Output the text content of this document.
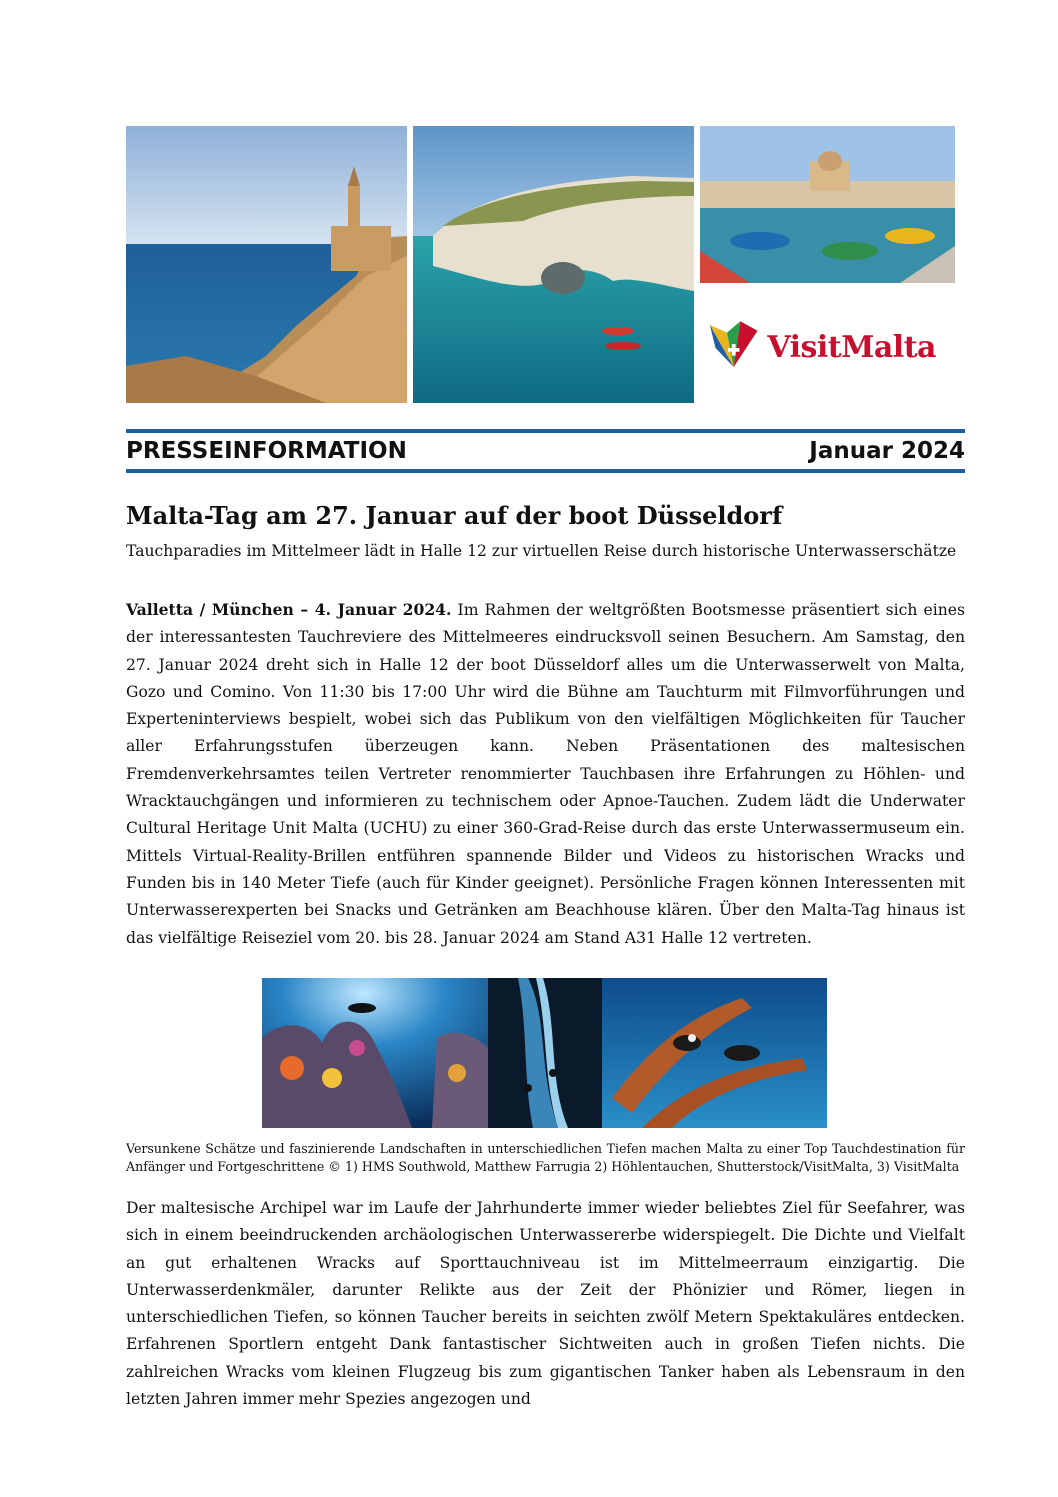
VisitMalta
PRESSEINFORMATION	Januar 2024
Malta-Tag am 27. Januar auf der boot Düsseldorf
Tauchparadies im Mittelmeer lädt in Halle 12 zur virtuellen Reise durch historische Unterwasserschätze

Valletta / München – 4. Januar 2024. Im Rahmen der weltgrößten Bootsmesse präsentiert sich eines der interessantesten Tauchreviere des Mittelmeeres eindrucksvoll seinen Besuchern. Am Samstag, den 27. Januar 2024 dreht sich in Halle 12 der boot Düsseldorf alles um die Unterwasserwelt von Malta, Gozo und Comino. Von 11:30 bis 17:00 Uhr wird die Bühne am Tauchturm mit Filmvorführungen und Experteninterviews bespielt, wobei sich das Publikum von den vielfältigen Möglichkeiten für Taucher aller Erfahrungsstufen überzeugen kann. Neben Präsentationen des maltesischen Fremdenverkehrsamtes teilen Vertreter renommierter Tauchbasen ihre Erfahrungen zu Höhlen- und Wracktauchgängen und informieren zu technischem oder Apnoe-Tauchen. Zudem lädt die Underwater Cultural Heritage Unit Malta (UCHU) zu einer 360-Grad-Reise durch das erste Unterwassermuseum ein. Mittels Virtual-Reality-Brillen entführen spannende Bilder und Videos zu historischen Wracks und Funden bis in 140 Meter Tiefe (auch für Kinder geeignet). Persönliche Fragen können Interessenten mit Unterwasserexperten bei Snacks und Getränken am Beachhouse klären. Über den Malta-Tag hinaus ist das vielfältige Reiseziel vom 20. bis 28. Januar 2024 am Stand A31 Halle 12 vertreten.

Versunkene Schätze und faszinierende Landschaften in unterschiedlichen Tiefen machen Malta zu einer Top Tauchdestination für Anfänger und Fortgeschrittene © 1) HMS Southwold, Matthew Farrugia 2) Höhlentauchen, Shutterstock/VisitMalta, 3) VisitMalta

Der maltesische Archipel war im Laufe der Jahrhunderte immer wieder beliebtes Ziel für Seefahrer, was sich in einem beeindruckenden archäologischen Unterwassererbe widerspiegelt. Die Dichte und Vielfalt an gut erhaltenen Wracks auf Sporttauchniveau ist im Mittelmeerraum einzigartig. Die Unterwasserdenkmäler, darunter Relikte aus der Zeit der Phönizier und Römer, liegen in unterschiedlichen Tiefen, so können Taucher bereits in seichten zwölf Metern Spektakuläres entdecken. Erfahrenen Sportlern entgeht Dank fantastischer Sichtweiten auch in großen Tiefen nichts. Die zahlreichen Wracks vom kleinen Flugzeug bis zum gigantischen Tanker haben als Lebensraum in den letzten Jahren immer mehr Spezies angezogen und
